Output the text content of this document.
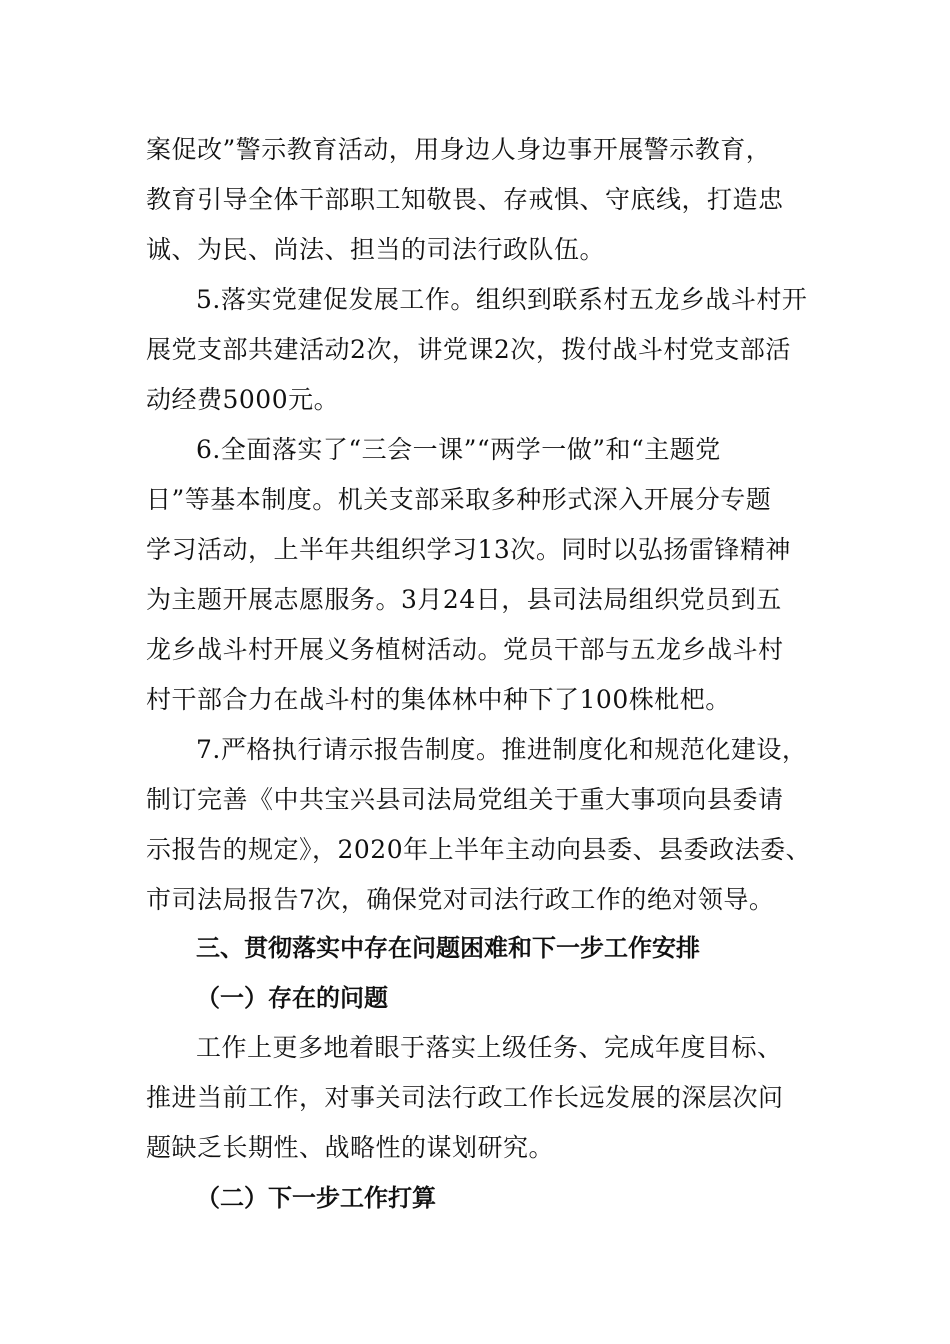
案促改”警示教育活动，用身边人身边事开展警示教育，
教育引导全体干部职工知敬畏、存戒惧、守底线，打造忠
诚、为民、尚法、担当的司法行政队伍。
5.落实党建促发展工作。组织到联系村五龙乡战斗村开
展党支部共建活动2次，讲党课2次，拨付战斗村党支部活
动经费5000元。
6.全面落实了“三会一课”“两学一做”和“主题党
日”等基本制度。机关支部采取多种形式深入开展分专题
学习活动，上半年共组织学习13次。同时以弘扬雷锋精神
为主题开展志愿服务。3月24日，县司法局组织党员到五
龙乡战斗村开展义务植树活动。党员干部与五龙乡战斗村
村干部合力在战斗村的集体林中种下了100株枇杷。
7.严格执行请示报告制度。推进制度化和规范化建设，
制订完善《中共宝兴县司法局党组关于重大事项向县委请
示报告的规定》，2020年上半年主动向县委、县委政法委、
市司法局报告7次，确保党对司法行政工作的绝对领导。
三、贯彻落实中存在问题困难和下一步工作安排
（一）存在的问题
工作上更多地着眼于落实上级任务、完成年度目标、
推进当前工作，对事关司法行政工作长远发展的深层次问
题缺乏长期性、战略性的谋划研究。
（二）下一步工作打算
